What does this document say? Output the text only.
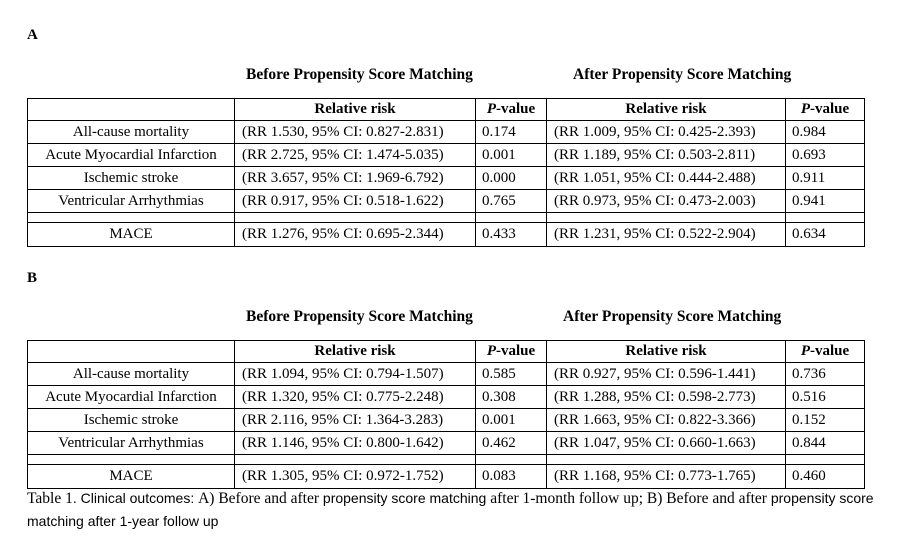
A
Before Propensity Score Matching	After Propensity Score Matching
	Relative risk	P-value	Relative risk	P-value
All-cause mortality	(RR 1.530, 95% CI: 0.827-2.831)	0.174	(RR 1.009, 95% CI: 0.425-2.393)	0.984
Acute Myocardial Infarction	(RR 2.725, 95% CI: 1.474-5.035)	0.001	(RR 1.189, 95% CI: 0.503-2.811)	0.693
Ischemic stroke	(RR 3.657, 95% CI: 1.969-6.792)	0.000	(RR 1.051, 95% CI: 0.444-2.488)	0.911
Ventricular Arrhythmias	(RR 0.917, 95% CI: 0.518-1.622)	0.765	(RR 0.973, 95% CI: 0.473-2.003)	0.941

MACE	(RR 1.276, 95% CI: 0.695-2.344)	0.433	(RR 1.231, 95% CI: 0.522-2.904)	0.634
B
Before Propensity Score Matching	After Propensity Score Matching
	Relative risk	P-value	Relative risk	P-value
All-cause mortality	(RR 1.094, 95% CI: 0.794-1.507)	0.585	(RR 0.927, 95% CI: 0.596-1.441)	0.736
Acute Myocardial Infarction	(RR 1.320, 95% CI: 0.775-2.248)	0.308	(RR 1.288, 95% CI: 0.598-2.773)	0.516
Ischemic stroke	(RR 2.116, 95% CI: 1.364-3.283)	0.001	(RR 1.663, 95% CI: 0.822-3.366)	0.152
Ventricular Arrhythmias	(RR 1.146, 95% CI: 0.800-1.642)	0.462	(RR 1.047, 95% CI: 0.660-1.663)	0.844

MACE	(RR 1.305, 95% CI: 0.972-1.752)	0.083	(RR 1.168, 95% CI: 0.773-1.765)	0.460
Table 1. Clinical outcomes: A) Before and after propensity score matching after 1-month follow up; B) Before and after propensity score matching after 1-year follow up
